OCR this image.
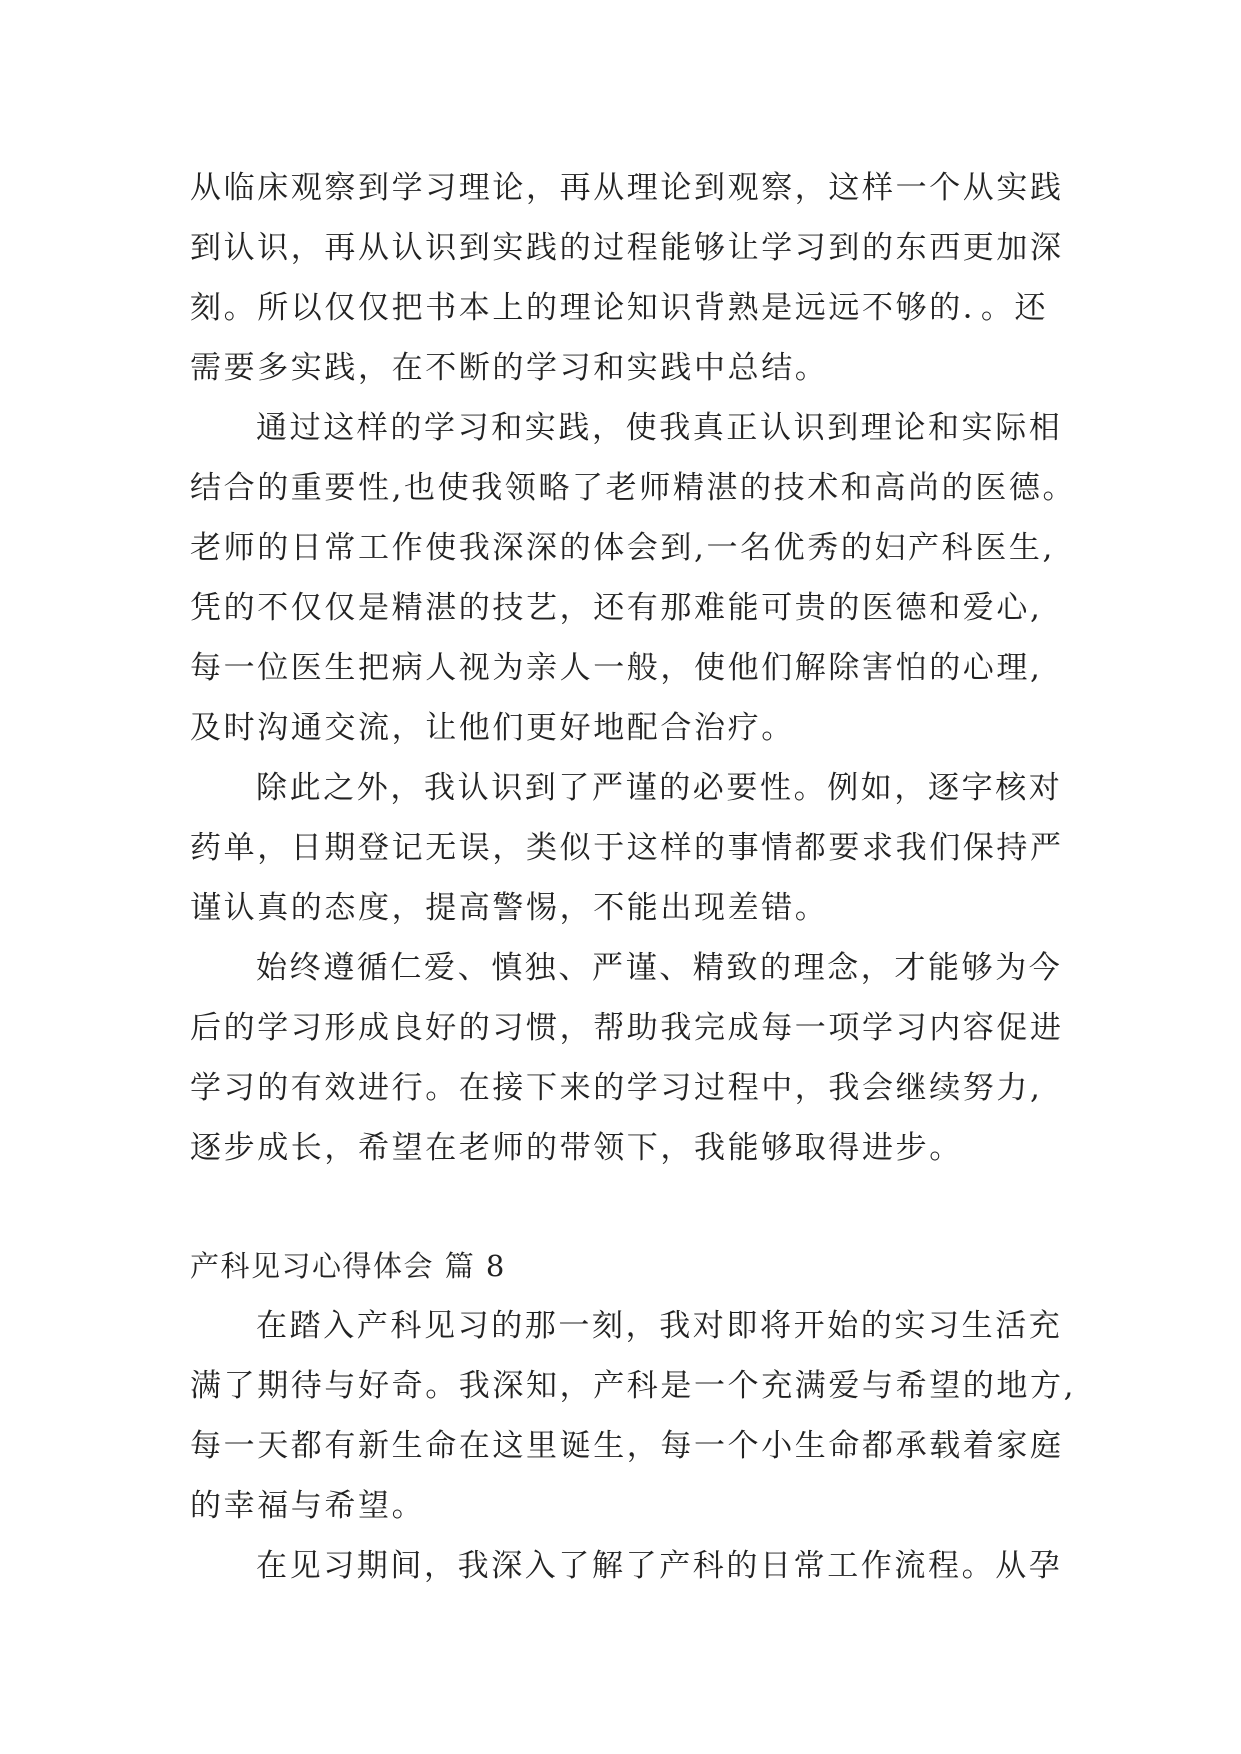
从临床观察到学习理论，再从理论到观察，这样一个从实践
到认识，再从认识到实践的过程能够让学习到的东西更加深
刻。所以仅仅把书本上的理论知识背熟是远远不够的．。还
需要多实践，在不断的学习和实践中总结。

通过这样的学习和实践，使我真正认识到理论和实际相
结合的重要性,也使我领略了老师精湛的技术和高尚的医德。
老师的日常工作使我深深的体会到,一名优秀的妇产科医生,
凭的不仅仅是精湛的技艺，还有那难能可贵的医德和爱心,
每一位医生把病人视为亲人一般，使他们解除害怕的心理,
及时沟通交流，让他们更好地配合治疗。

除此之外，我认识到了严谨的必要性。例如，逐字核对
药单，日期登记无误，类似于这样的事情都要求我们保持严
谨认真的态度，提高警惕，不能出现差错。

始终遵循仁爱、慎独、严谨、精致的理念，才能够为今
后的学习形成良好的习惯，帮助我完成每一项学习内容促进
学习的有效进行。在接下来的学习过程中，我会继续努力,
逐步成长，希望在老师的带领下，我能够取得进步。

产科见习心得体会 篇 8

在踏入产科见习的那一刻，我对即将开始的实习生活充
满了期待与好奇。我深知，产科是一个充满爱与希望的地方,
每一天都有新生命在这里诞生，每一个小生命都承载着家庭
的幸福与希望。

在见习期间，我深入了解了产科的日常工作流程。从孕
